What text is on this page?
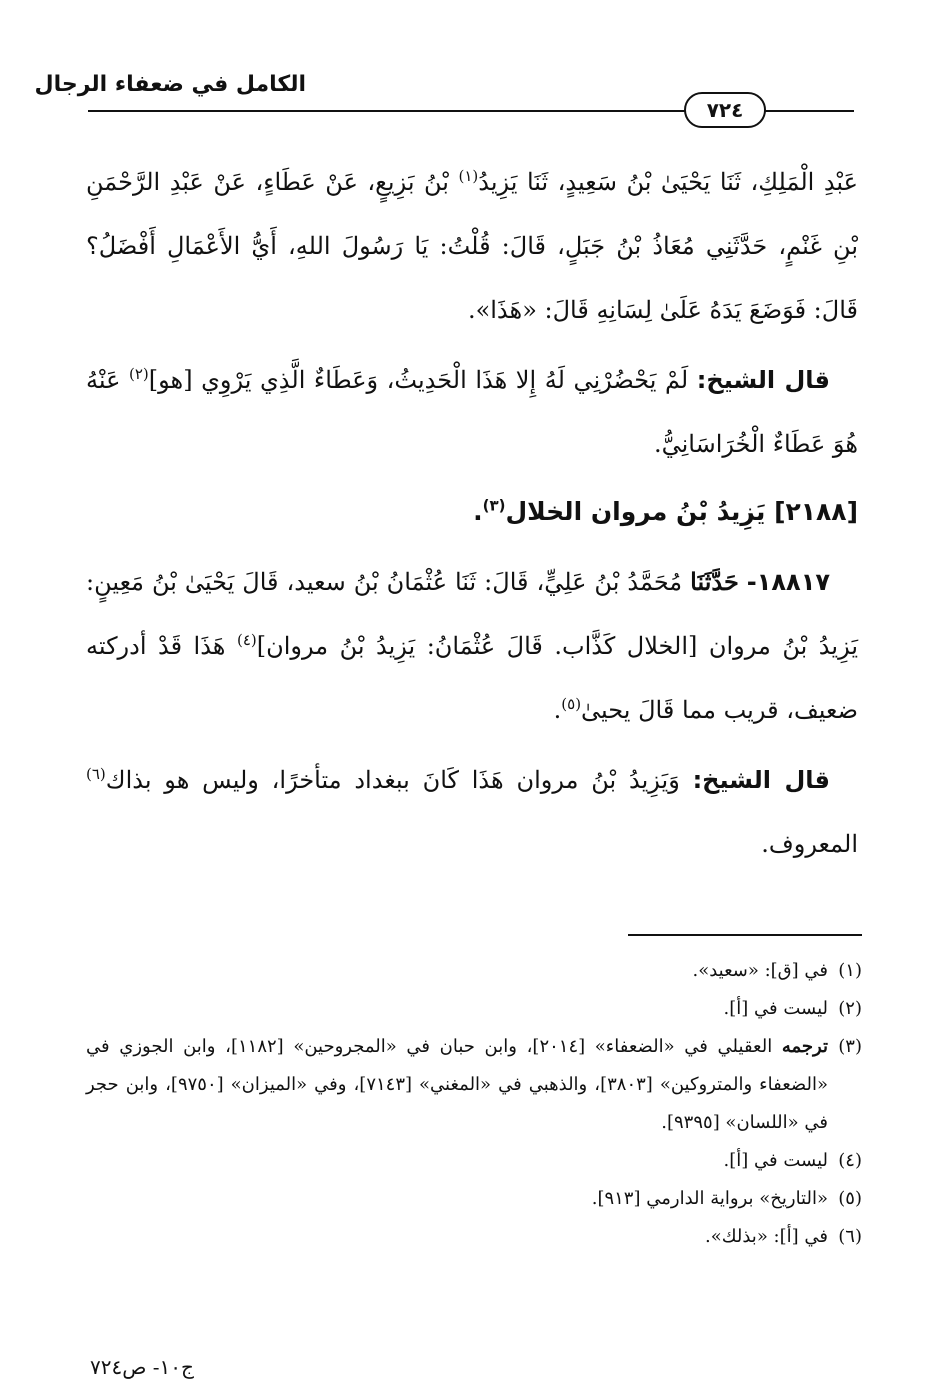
الكامل في ضعفاء الرجال
٧٢٤

عَبْدِ الْمَلِكِ، ثَنَا يَحْيَىٰ بْنُ سَعِيدٍ، ثَنَا يَزِيدُ$^{(١)}$ بْنُ بَزِيعٍ، عَنْ عَطَاءٍ، عَنْ عَبْدِ الرَّحْمَنِ بْنِ غَنْمٍ، حَدَّثَنِي مُعَاذُ بْنُ جَبَلٍ، قَالَ: قُلْتُ: يَا رَسُولَ اللهِ، أَيُّ الأَعْمَالِ أَفْضَلُ؟ قَالَ: فَوَضَعَ يَدَهُ عَلَىٰ لِسَانِهِ قَالَ: «هَذَا».

قال الشيخ: لَمْ يَحْضُرْنِي لَهُ إِلا هَذَا الْحَدِيثُ، وَعَطَاءٌ الَّذِي يَرْوِي [هو]$^{(٢)}$ عَنْهُ هُوَ عَطَاءٌ الْخُرَاسَانِيُّ.

[٢١٨٨] يَزِيدُ بْنُ مروان الخلال$^{(٣)}$.

١٨٨١٧- حَدَّثَنَا مُحَمَّدُ بْنُ عَلِيٍّ، قَالَ: ثَنَا عُثْمَانُ بْنُ سعيد، قَالَ يَحْيَىٰ بْنُ مَعِينٍ: يَزِيدُ بْنُ مروان [الخلال كَذَّاب. قَالَ عُثْمَانُ: يَزِيدُ بْنُ مروان]$^{(٤)}$ هَذَا قَدْ أدركته ضعيف، قريب مما قَالَ يحيىٰ$^{(٥)}$.

قال الشيخ: وَيَزِيدُ بْنُ مروان هَذَا كَانَ ببغداد متأخرًا، وليس هو بذاك$^{(٦)}$ المعروف.

(١)
في [ق]: «سعيد».
(٢)
ليست في [أ].
(٣)
ترجمه العقيلي في «الضعفاء» [٢٠١٤]، وابن حبان في «المجروحين» [١١٨٢]، وابن الجوزي في «الضعفاء والمتروكين» [٣٨٠٣]، والذهبي في «المغني» [٧١٤٣]، وفي «الميزان» [٩٧٥٠]، وابن حجر في «اللسان» [٩٣٩٥].
(٤)
ليست في [أ].
(٥)
«التاريخ» برواية الدارمي [٩١٣].
(٦)
في [أ]: «بذلك».
ج١٠- ص٧٢٤
